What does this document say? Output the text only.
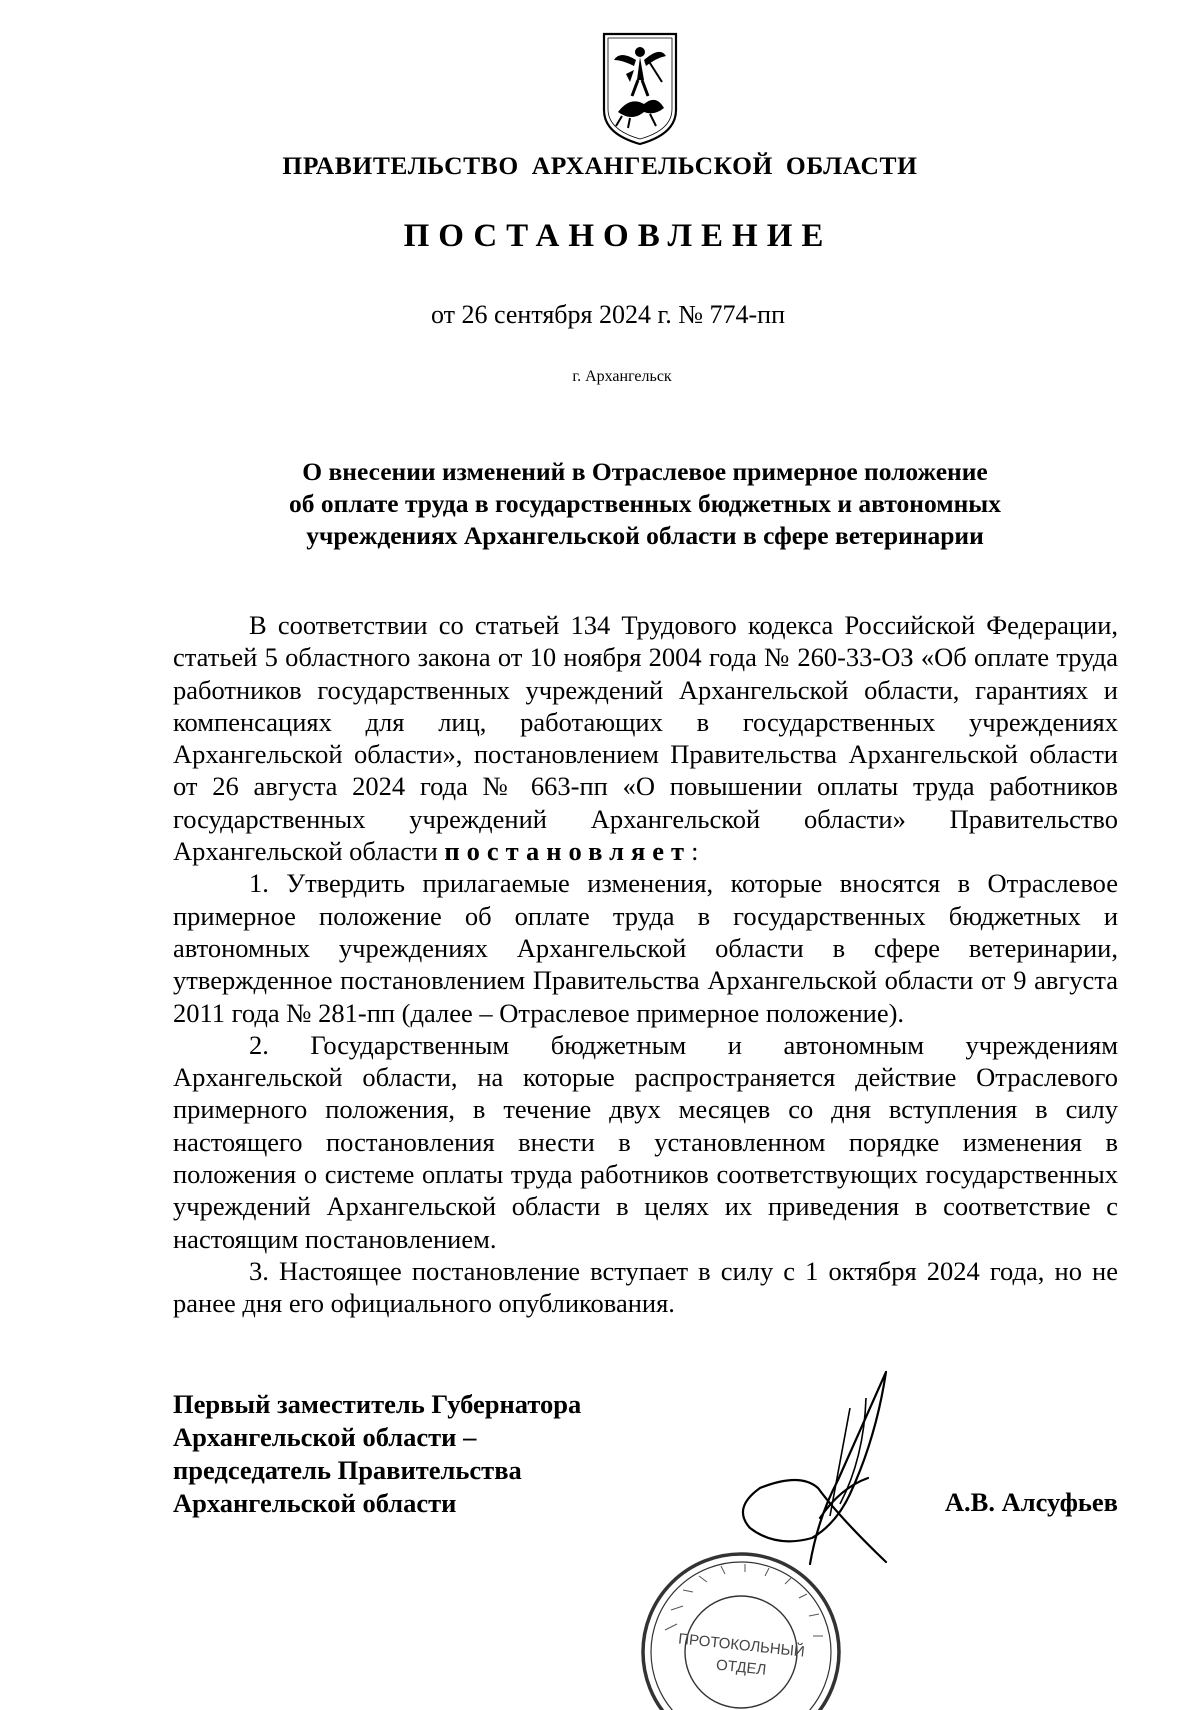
ПРАВИТЕЛЬСТВО АРХАНГЕЛЬСКОЙ ОБЛАСТИ
ПОСТАНОВЛЕНИЕ
от 26 сентября 2024 г. № 774-пп
г. Архангельск
О внесении изменений в Отраслевое примерное положение
об оплате труда в государственных бюджетных и автономных
учреждениях Архангельской области в сфере ветеринарии

В соответствии со статьей 134 Трудового кодекса Российской Федерации, статьей 5 областного закона от 10 ноября 2004 года № 260-33-ОЗ «Об оплате труда работников государственных учреждений Архангельской области, гарантиях и компенсациях для лиц, работающих в государственных учреждениях Архангельской области», постановлением Правительства Архангельской области от 26 августа 2024 года № 663-пп «О повышении оплаты труда работников государственных учреждений Архангельской области» Правительство Архангельской области постановляет:

1. Утвердить прилагаемые изменения, которые вносятся в Отраслевое примерное положение об оплате труда в государственных бюджетных и автономных учреждениях Архангельской области в сфере ветеринарии, утвержденное постановлением Правительства Архангельской области от 9 августа 2011 года № 281-пп (далее – Отраслевое примерное положение).

2. Государственным бюджетным и автономным учреждениям Архангельской области, на которые распространяется действие Отраслевого примерного положения, в течение двух месяцев со дня вступления в силу настоящего постановления внести в установленном порядке изменения в положения о системе оплаты труда работников соответствующих государственных учреждений Архангельской области в целях их приведения в соответствие с настоящим постановлением.

3. Настоящее постановление вступает в силу с 1 октября 2024 года, но не ранее дня его официального опубликования.

Первый заместитель Губернатора
Архангельской области –
председатель Правительства
Архангельской области	А.В. Алсуфьев
ПРОТОКОЛЬНЫЙ
ОТДЕЛ
